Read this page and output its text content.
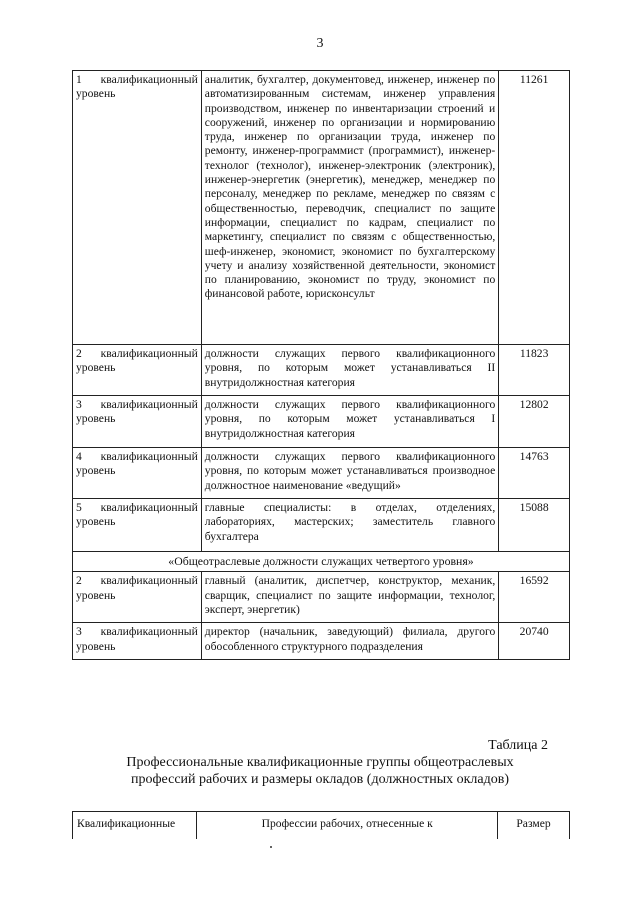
3
1 квалификационный уровень	аналитик, бухгалтер, документовед, инженер, инженер по автоматизированным системам, инженер управления производством, инженер по инвентаризации строений и сооружений, инженер по организации и нормированию труда, инженер по организации труда, инженер по ремонту, инженер-программист (программист), инженер-технолог (технолог), инженер-электроник (электроник), инженер-энергетик (энергетик), менеджер, менеджер по персоналу, менеджер по рекламе, менеджер по связям с общественностью, переводчик, специалист по защите информации, специалист по кадрам, специалист по маркетингу, специалист по связям с общественностью, шеф-инженер, экономист, экономист по бухгалтерскому учету и анализу хозяйственной деятельности, экономист по планированию, экономист по труду, экономист по финансовой работе, юрисконсульт	11261
2 квалификационный уровень	должности служащих первого квалификационного уровня, по которым может устанавливаться II внутридолжностная категория	11823
3 квалификационный уровень	должности служащих первого квалификационного уровня, по которым может устанавливаться I внутридолжностная категория	12802
4 квалификационный уровень	должности служащих первого квалификационного уровня, по которым может устанавливаться производное должностное наименование «ведущий»	14763
5 квалификационный уровень	главные специалисты: в отделах, отделениях, лабораториях, мастерских; заместитель главного бухгалтера	15088
«Общеотраслевые должности служащих четвертого уровня»		
2 квалификационный уровень	главный (аналитик, диспетчер, конструктор, механик, сварщик, специалист по защите информации, технолог, эксперт, энергетик)	16592
3 квалификационный уровень	директор (начальник, заведующий) филиала, другого обособленного структурного подразделения	20740
Таблица 2
Профессиональные квалификационные группы общеотраслевых профессий рабочих и размеры окладов (должностных окладов)
Квалификационные	Профессии рабочих, отнесенные к	Размер
